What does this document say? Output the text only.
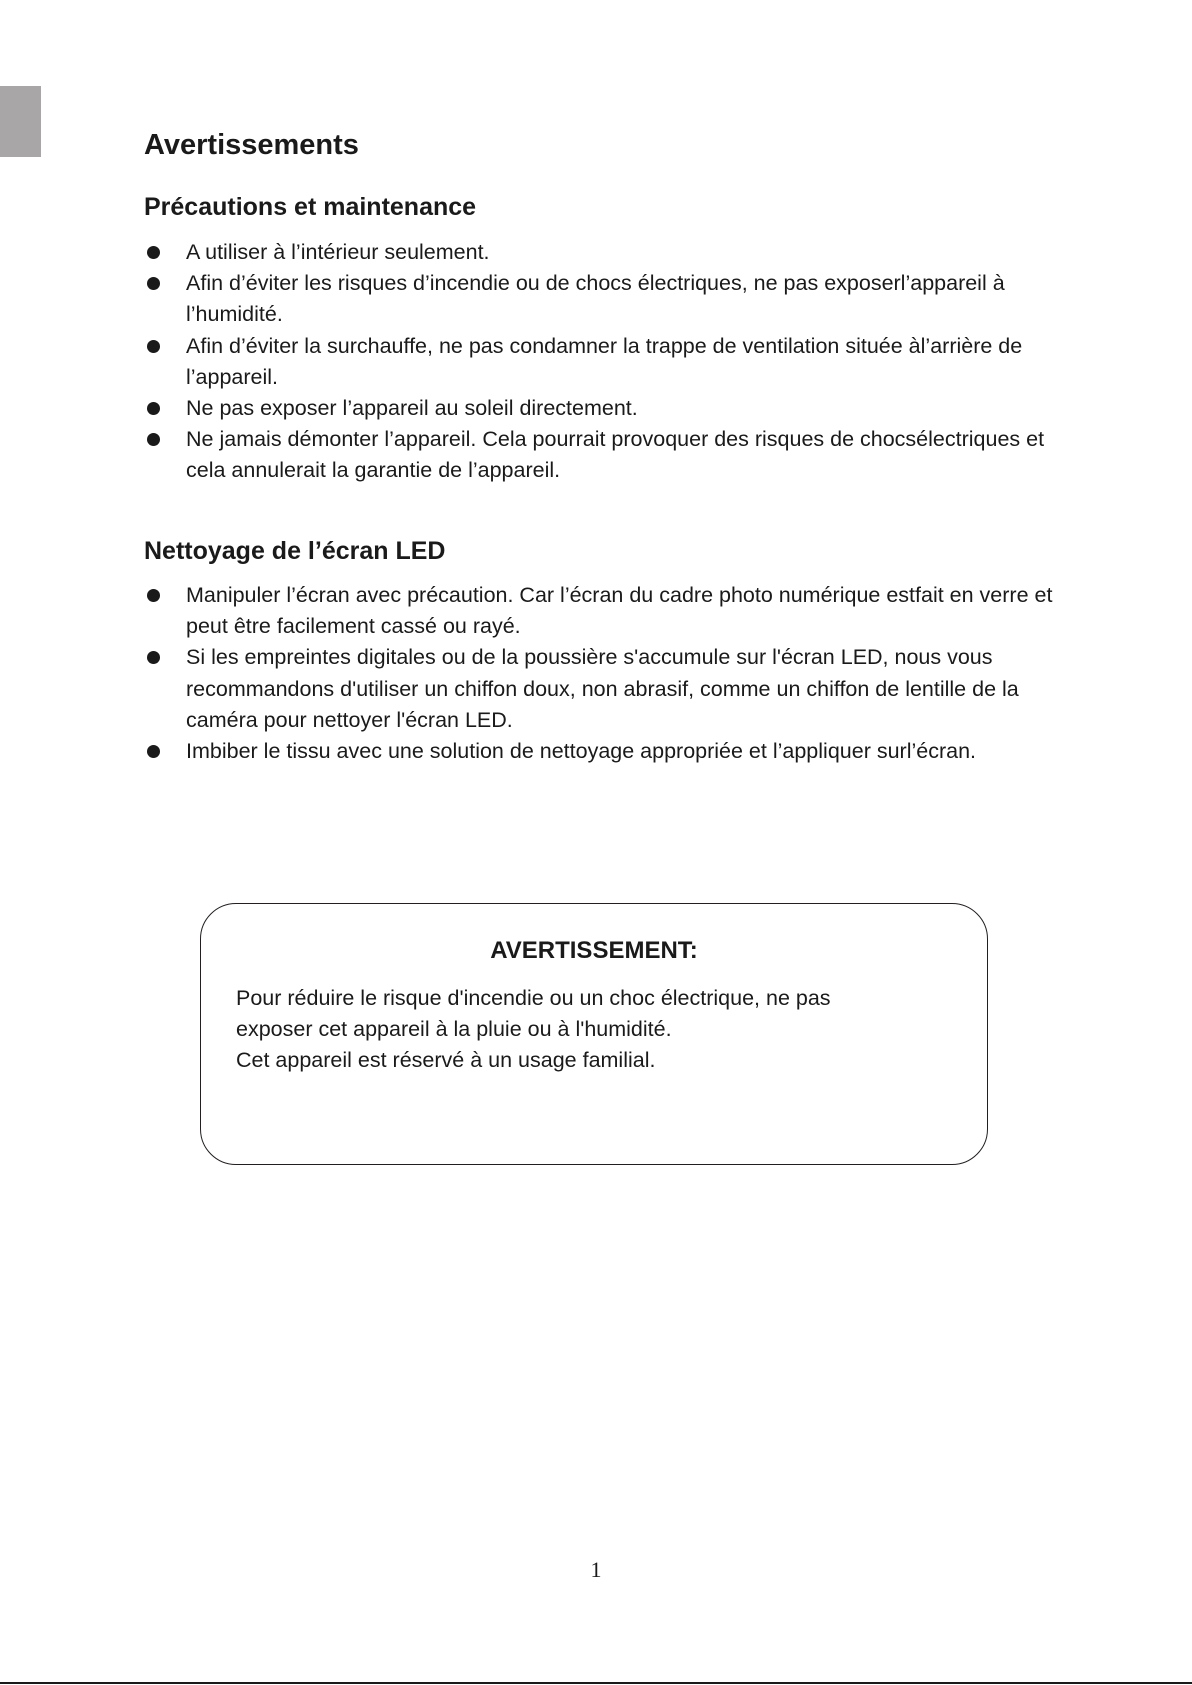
Avertissements
Précautions et maintenance
A utiliser à l’intérieur seulement.
Afin d’éviter les risques d’incendie ou de chocs électriques, ne pas exposerl’appareil à l’humidité.
Afin d’éviter la surchauffe, ne pas condamner la trappe de ventilation située àl’arrière de l’appareil.
Ne pas exposer l’appareil au soleil directement.
Ne jamais démonter l’appareil. Cela pourrait provoquer des risques de chocsélectriques et cela annulerait la garantie de l’appareil.
Nettoyage de l’écran LED
Manipuler l’écran avec précaution. Car l’écran du cadre photo numérique estfait en verre et peut être facilement cassé ou rayé.
Si les empreintes digitales ou de la poussière s'accumule sur l'écran LED, nous vous recommandons d'utiliser un chiffon doux, non abrasif, comme un chiffon de lentille de la caméra pour nettoyer l'écran LED.
Imbiber le tissu avec une solution de nettoyage appropriée et l’appliquer surl’écran.
AVERTISSEMENT:
Pour réduire le risque d'incendie ou un choc électrique, ne pas
exposer cet appareil à la pluie ou à l'humidité.
Cet appareil est réservé à un usage familial.
1
